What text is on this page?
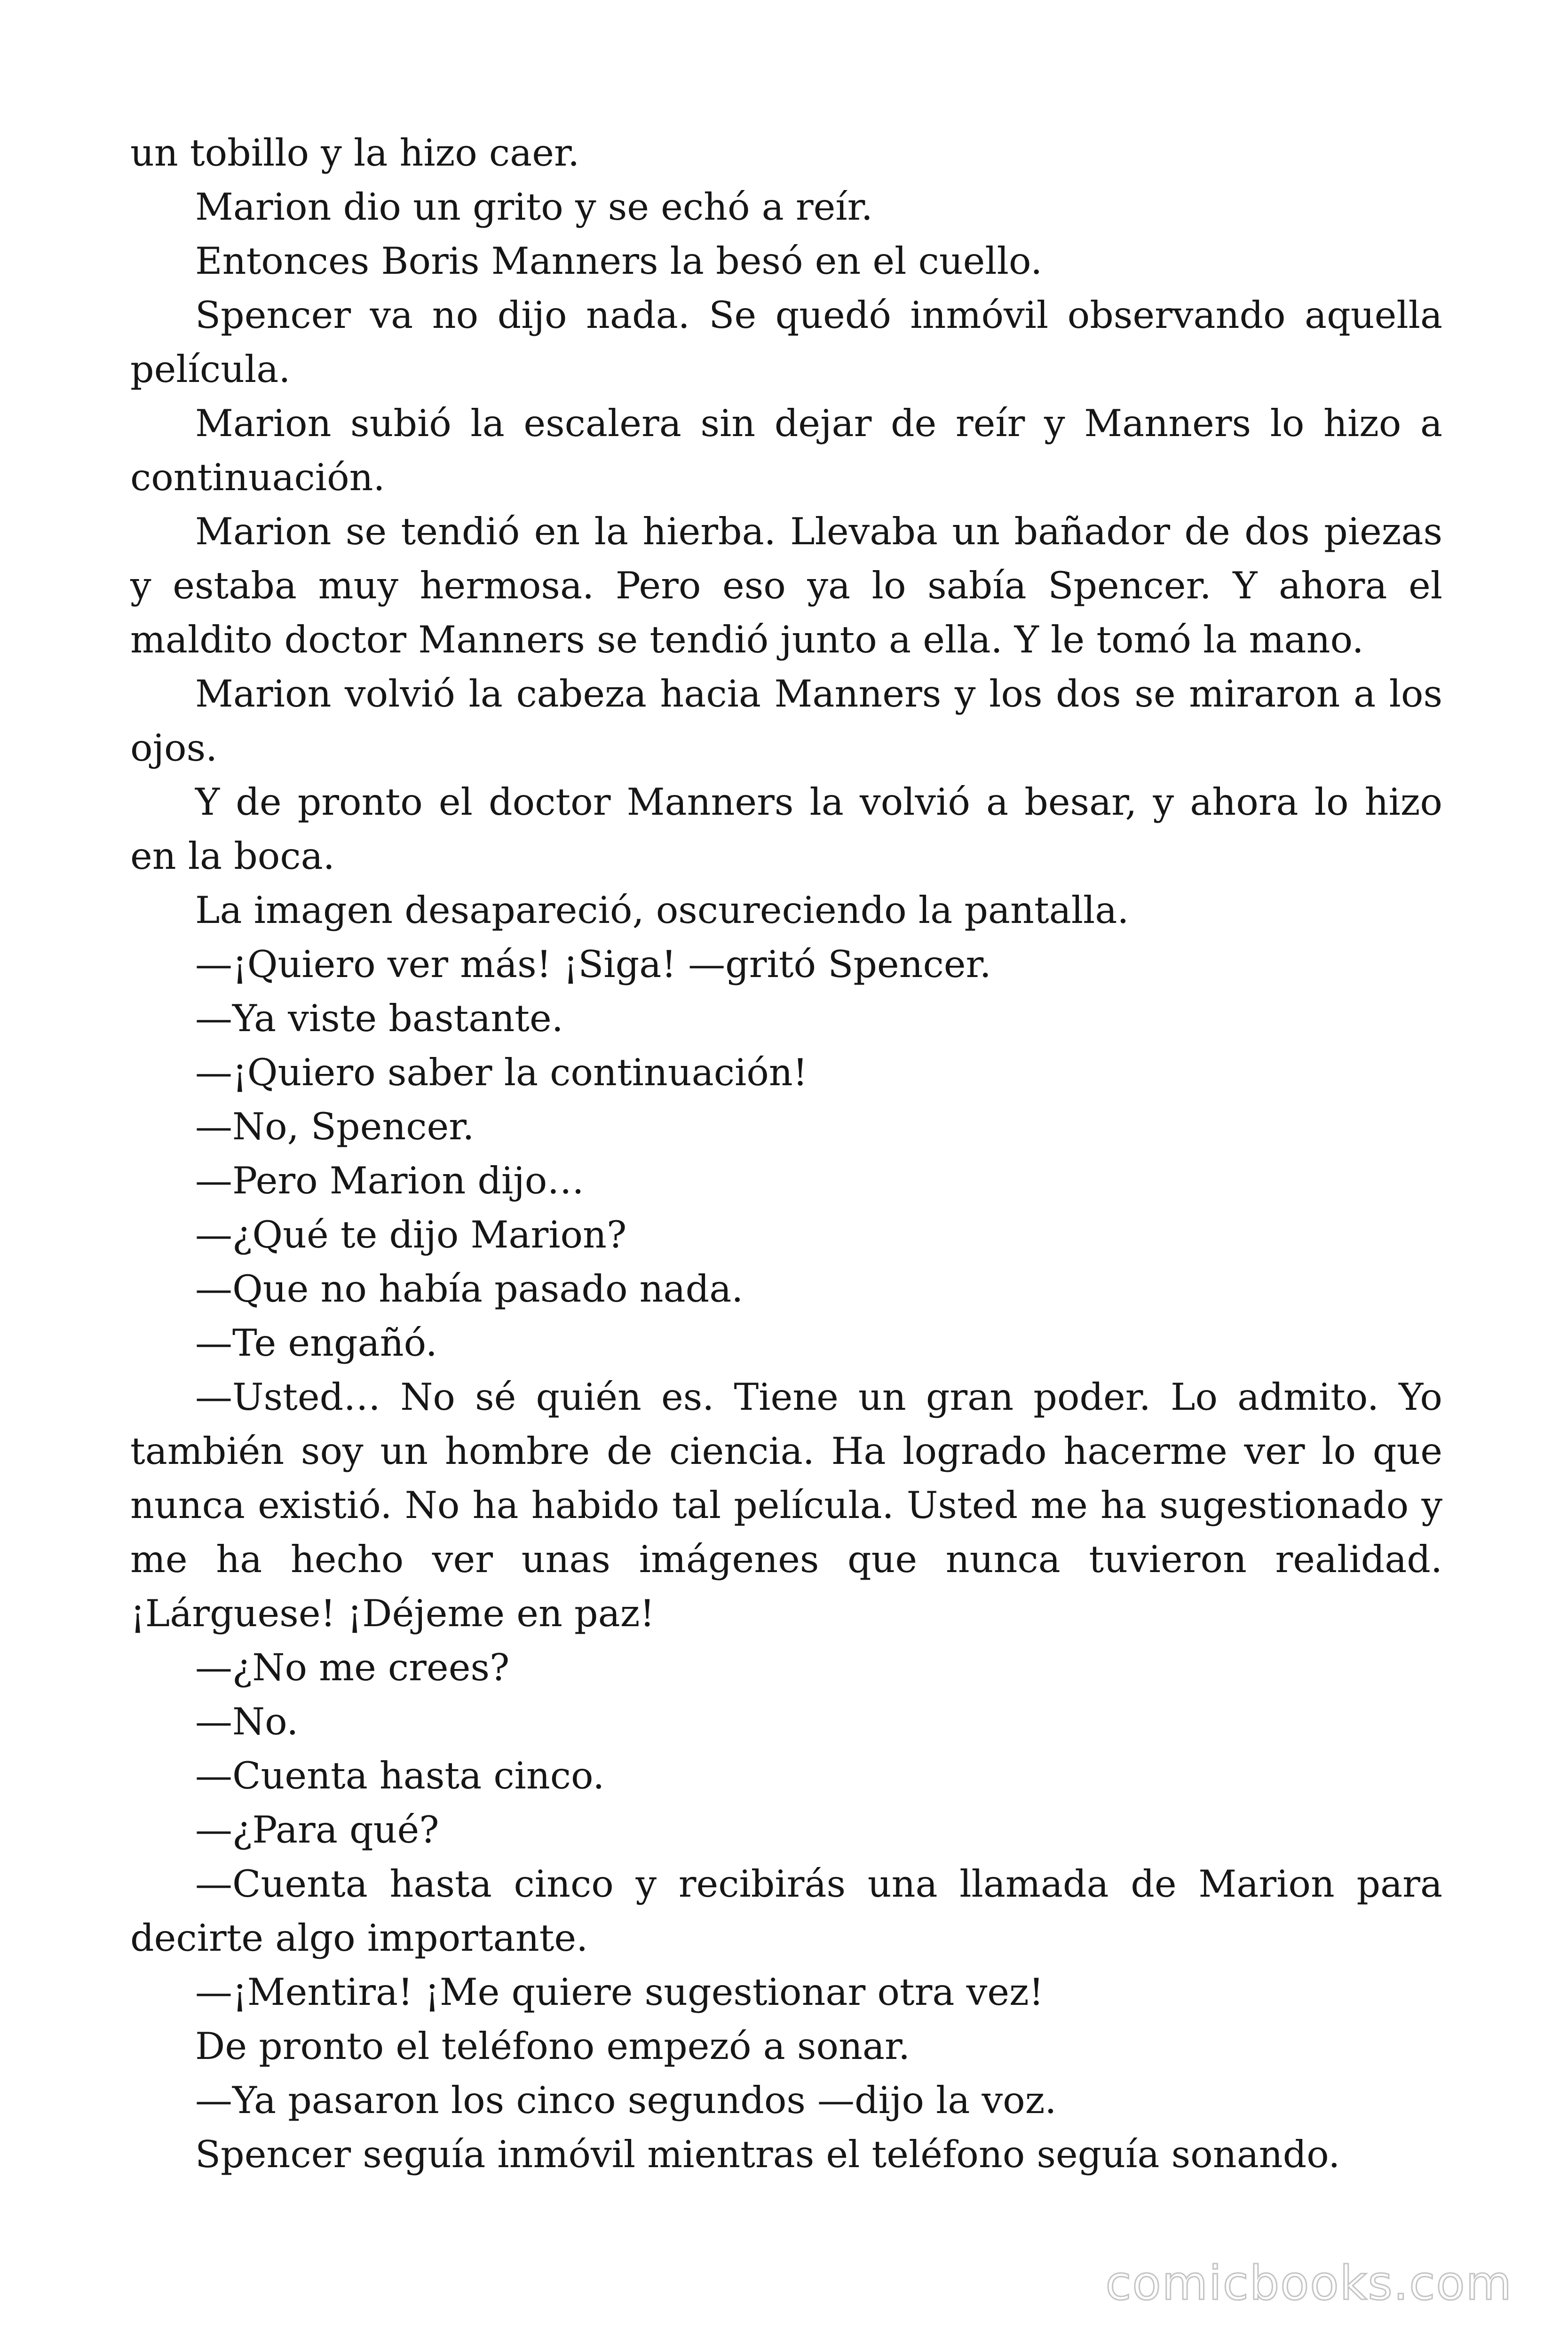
un tobillo y la hizo caer.

Marion dio un grito y se echó a reír.

Entonces Boris Manners la besó en el cuello.

Spencer va no dijo nada. Se quedó inmóvil observando aquella película.

Marion subió la escalera sin dejar de reír y Manners lo hizo a continuación.

Marion se tendió en la hierba. Llevaba un bañador de dos piezas y estaba muy hermosa. Pero eso ya lo sabía Spencer. Y ahora el maldito doctor Manners se tendió junto a ella. Y le tomó la mano.

Marion volvió la cabeza hacia Manners y los dos se miraron a los ojos.

Y de pronto el doctor Manners la volvió a besar, y ahora lo hizo en la boca.

La imagen desapareció, oscureciendo la pantalla.

—¡Quiero ver más! ¡Siga! —gritó Spencer.

—Ya viste bastante.

—¡Quiero saber la continuación!

—No, Spencer.

—Pero Marion dijo…

—¿Qué te dijo Marion?

—Que no había pasado nada.

—Te engañó.

—Usted… No sé quién es. Tiene un gran poder. Lo admito. Yo también soy un hombre de ciencia. Ha logrado hacerme ver lo que nunca existió. No ha habido tal película. Usted me ha sugestionado y me ha hecho ver unas imágenes que nunca tuvieron realidad. ¡Lárguese! ¡Déjeme en paz!

—¿No me crees?

—No.

—Cuenta hasta cinco.

—¿Para qué?

—Cuenta hasta cinco y recibirás una llamada de Marion para decirte algo importante.

—¡Mentira! ¡Me quiere sugestionar otra vez!

De pronto el teléfono empezó a sonar.

—Ya pasaron los cinco segundos —dijo la voz.

Spencer seguía inmóvil mientras el teléfono seguía sonando.

comicbooks.com
